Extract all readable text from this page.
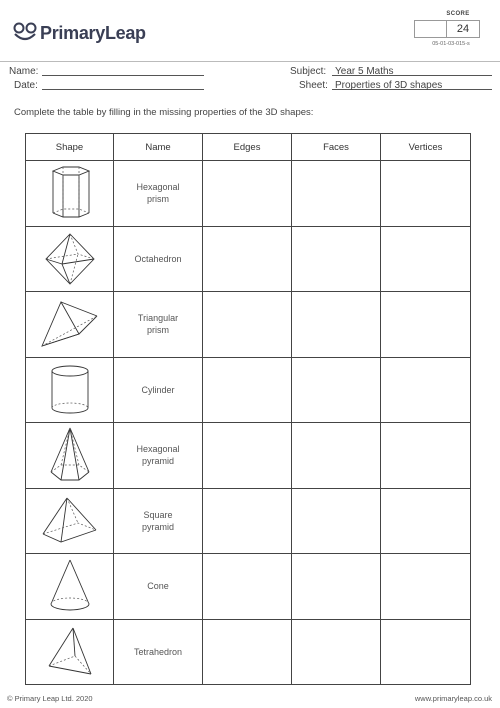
PrimaryLeap
SCORE
24
05-01-03-015-s
Name:
Date:
Subject: Year 5 Maths
Sheet: Properties of 3D shapes
Complete the table by filling in the missing properties of the 3D shapes:
Shape	Name	Edges	Faces	Vertices

	Hexagonal prism			

	Octahedron			

	Triangular prism			

	Cylinder			

	Hexagonal pyramid			

	Square pyramid			

	Cone			

	Tetrahedron			
© Primary Leap Ltd. 2020	www.primaryleap.co.uk
